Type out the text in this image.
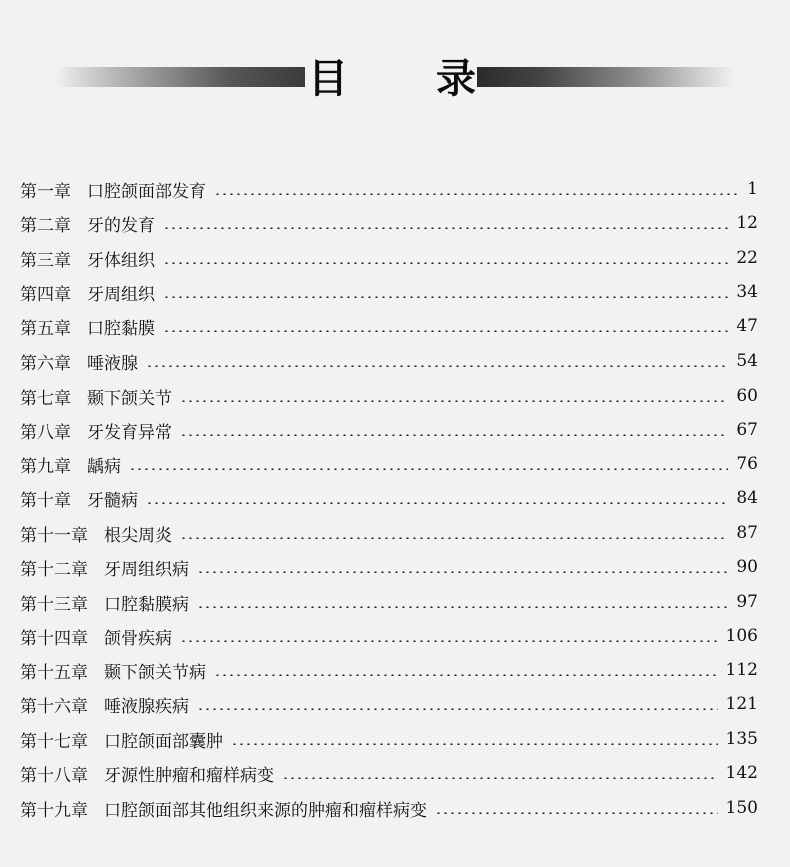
目 录
第一章 口腔颌面部发育	1
第二章 牙的发育	12
第三章 牙体组织	22
第四章 牙周组织	34
第五章 口腔黏膜	47
第六章 唾液腺	54
第七章 颞下颌关节	60
第八章 牙发育异常	67
第九章 龋病	76
第十章 牙髓病	84
第十一章 根尖周炎	87
第十二章 牙周组织病	90
第十三章 口腔黏膜病	97
第十四章 颌骨疾病	106
第十五章 颞下颌关节病	112
第十六章 唾液腺疾病	121
第十七章 口腔颌面部囊肿	135
第十八章 牙源性肿瘤和瘤样病变	142
第十九章 口腔颌面部其他组织来源的肿瘤和瘤样病变	150
